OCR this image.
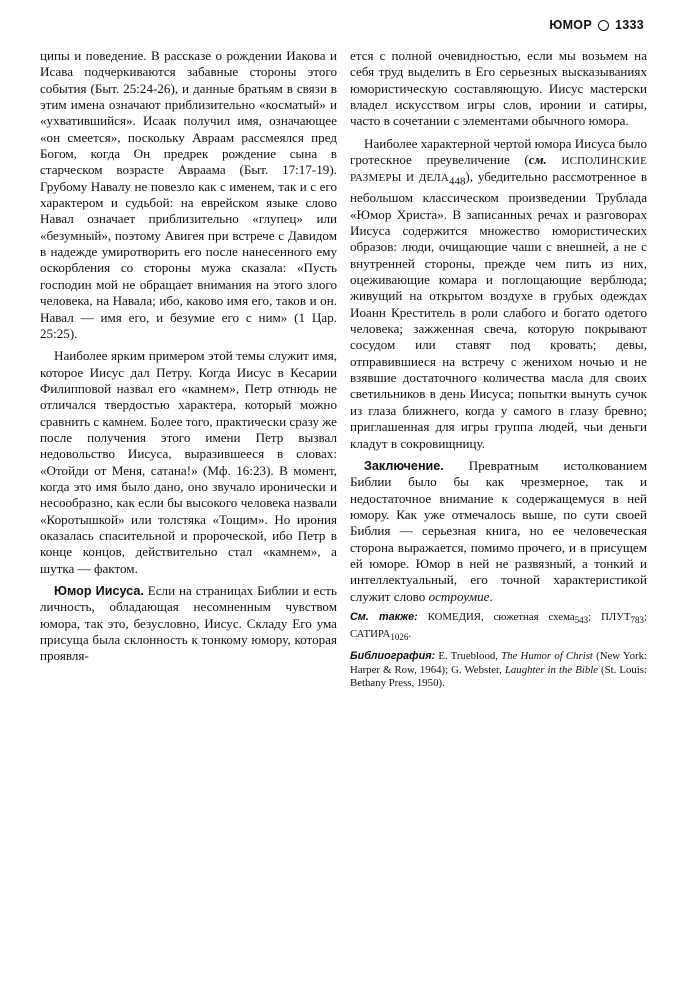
ЮМОР 1333

ципы и поведение. В рассказе о рождении Иакова и Исава подчеркиваются забавные стороны этого события (Быт. 25:24-26), и данные братьям в связи в этим имена означают приблизительно «косматый» и «ухватившийся». Исаак получил имя, означающее «он смеется», поскольку Авраам рассмеялся пред Богом, когда Он предрек рождение сына в старческом возрасте Авраама (Быт. 17:17-19). Грубому Навалу не повезло как с именем, так и с его характером и судьбой: на еврейском языке слово Навал означает приблизительно «глупец» или «безумный», поэтому Авигея при встрече с Давидом в надежде умиротворить его после нанесенного ему оскорбления со стороны мужа сказала: «Пусть господин мой не обращает внимания на этого злого человека, на Навала; ибо, каково имя его, таков и он. Навал — имя его, и безумие его с ним» (1 Цар. 25:25).

Наиболее ярким примером этой темы служит имя, которое Иисус дал Петру. Когда Иисус в Кесарии Филипповой назвал его «камнем», Петр отнюдь не отличался твердостью характера, который можно сравнить с камнем. Более того, практически сразу же после получения этого имени Петр вызвал недовольство Иисуса, выразившееся в словах: «Отойди от Меня, сатана!» (Мф. 16:23). В момент, когда это имя было дано, оно звучало иронически и несообразно, как если бы высокого человека назвали «Коротышкой» или толстяка «Тощим». Но ирония оказалась спасительной и пророческой, ибо Петр в конце концов, действительно стал «камнем», а шутка — фактом.

Юмор Иисуса. Если на страницах Библии и есть личность, обладающая несомненным чувством юмора, так это, безусловно, Иисус. Складу Его ума присуща была склонность к тонкому юмору, которая проявля-

ется с полной очевидностью, если мы возьмем на себя труд выделить в Его серьезных высказываниях юмористическую составляющую. Иисус мастерски владел искусством игры слов, иронии и сатиры, часто в сочетании с элементами обычного юмора.

Наиболее характерной чертой юмора Иисуса было гротескное преувеличение (см. ИСПОЛИНСКИЕ РАЗМЕРЫ И $ДЕЛА_{448}$), убедительно рассмотренное в небольшом классическом произведении Трублада «Юмор Христа». В записанных речах и разговорах Иисуса содержится множество юмористических образов: люди, очищающие чаши с внешней, а не с внутренней стороны, прежде чем пить из них, оцеживающие комара и поглощающие верблюда; живущий на открытом воздухе в грубых одеждах Иоанн Креститель в роли слабого и богато одетого человека; зажженная свеча, которую покрывают сосудом или ставят под кровать; девы, отправившиеся на встречу с женихом ночью и не взявшие достаточного количества масла для своих светильников в день Иисуса; попытки вынуть сучок из глаза ближнего, когда у самого в глазу бревно; приглашенная для игры группа людей, чьи деньги кладут в сокровищницу.

Заключение. Превратным истолкованием Библии было бы как чрезмерное, так и недостаточное внимание к содержащемуся в ней юмору. Как уже отмечалось выше, по сути своей Библия — серьезная книга, но ее человеческая сторона выражается, помимо прочего, и в присущем ей юморе. Юмор в ней не развязный, а тонкий и интеллектуальный, его точной характеристикой служит слово остроумие.

См. также: КОМЕДИЯ, сюжетная схема$_{543}$; $ПЛУТ_{783}$; $САТИРА_{1026}$.

Библиография: E. Trueblood, The Humor of Christ (New York: Harper & Row, 1964); G. Webster, Laughter in the Bible (St. Louis: Bethany Press, 1950).
